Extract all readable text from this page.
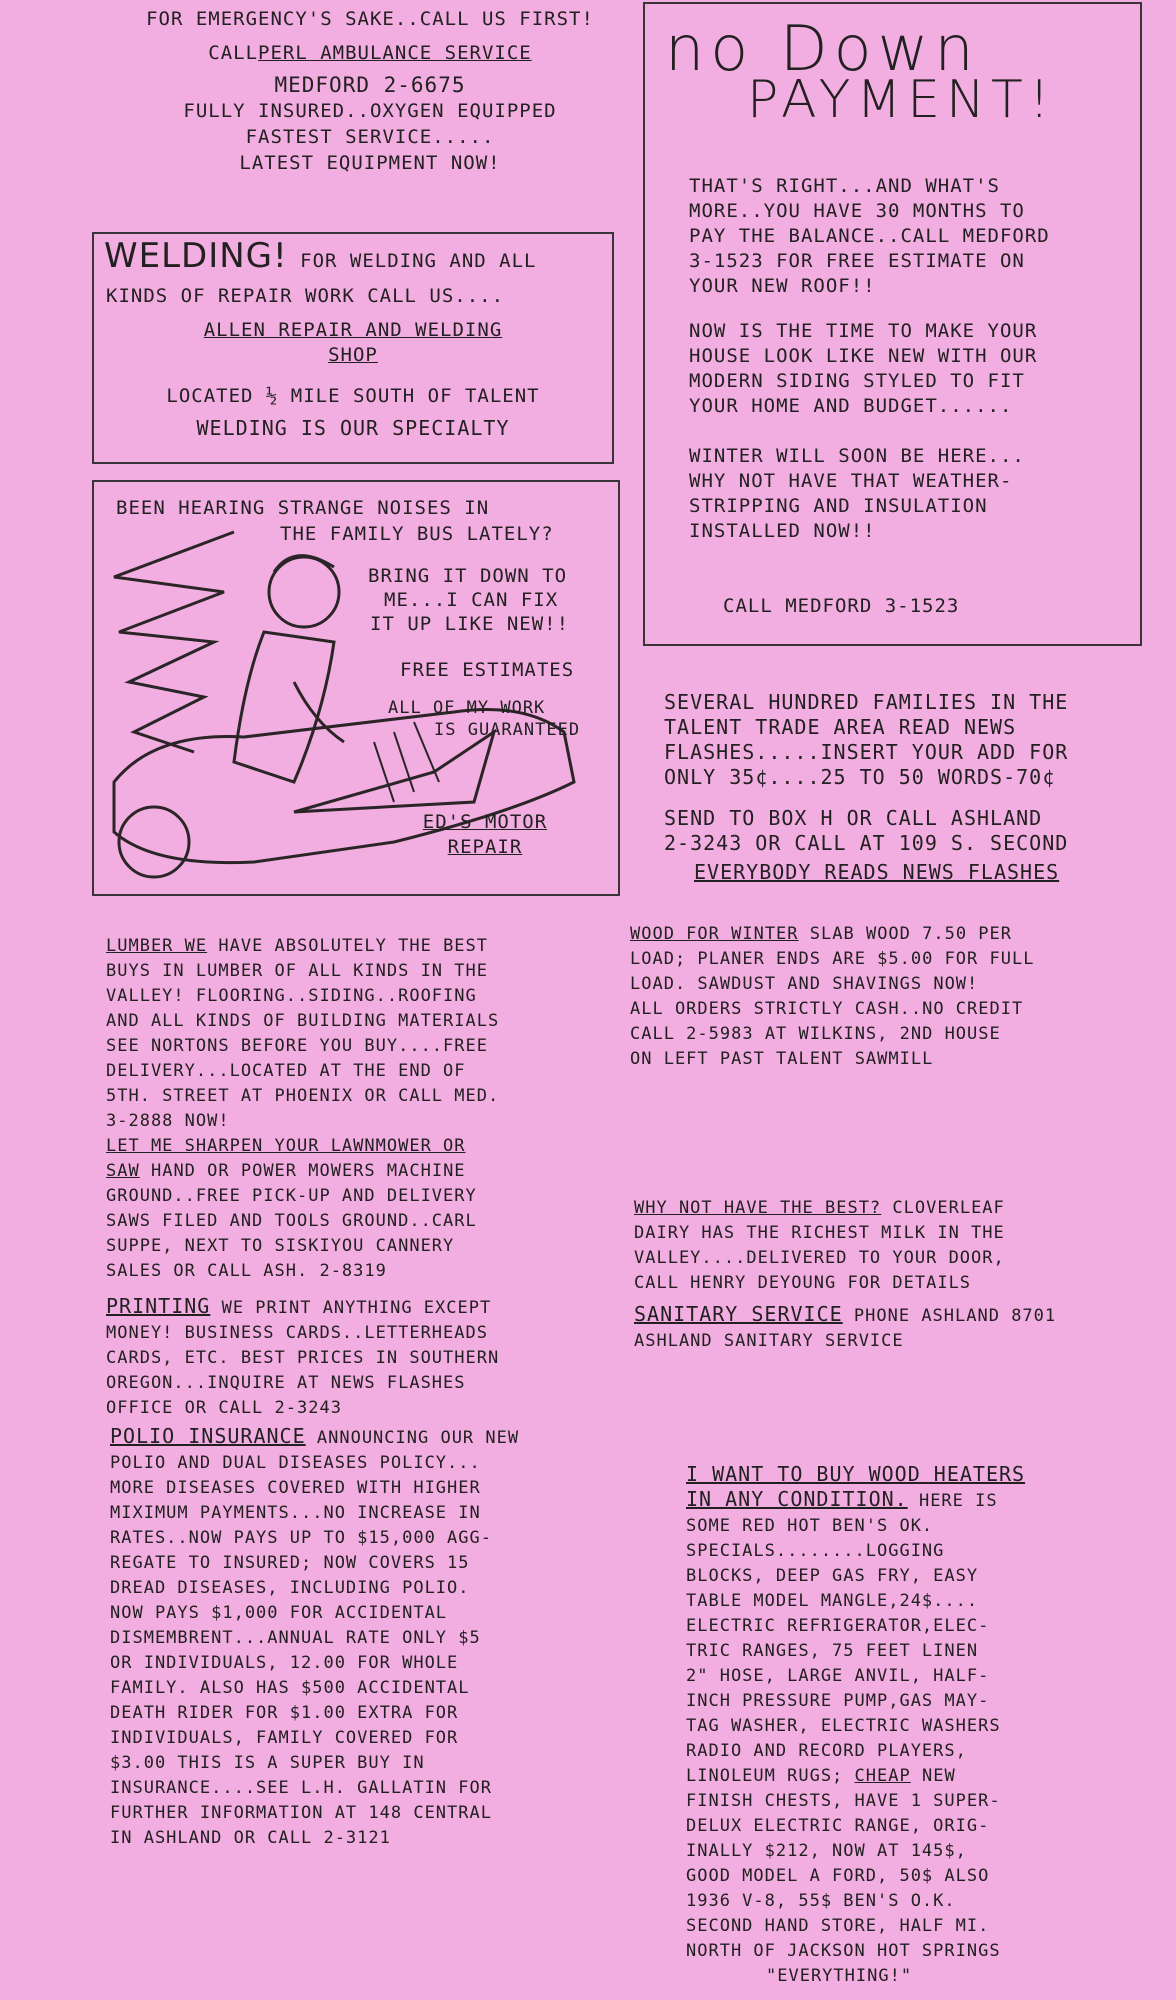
FOR EMERGENCY'S SAKE..CALL US FIRST!
CALLPERL AMBULANCE SERVICE
MEDFORD 2-6675
FULLY INSURED..OXYGEN EQUIPPED
FASTEST SERVICE.....
LATEST EQUIPMENT NOW!
no Down
PAYMENT!
THAT'S RIGHT...AND WHAT'S
MORE..YOU HAVE 30 MONTHS TO
PAY THE BALANCE..CALL MEDFORD
3-1523 FOR FREE ESTIMATE ON
YOUR NEW ROOF!!
NOW IS THE TIME TO MAKE YOUR
HOUSE LOOK LIKE NEW WITH OUR
MODERN SIDING STYLED TO FIT
YOUR HOME AND BUDGET......
WINTER WILL SOON BE HERE...
WHY NOT HAVE THAT WEATHER-
STRIPPING AND INSULATION
INSTALLED NOW!!
CALL MEDFORD 3-1523
WELDING! FOR WELDING AND ALL
KINDS OF REPAIR WORK CALL US....
ALLEN REPAIR AND WELDING
SHOP
LOCATED ½ MILE SOUTH OF TALENT
WELDING IS OUR SPECIALTY
BEEN HEARING STRANGE NOISES IN
THE FAMILY BUS LATELY?
BRING IT DOWN TO
ME...I CAN FIX
IT UP LIKE NEW!!
FREE ESTIMATES
ALL OF MY WORK
IS GUARANTEED
ED'S MOTOR
REPAIR
SEVERAL HUNDRED FAMILIES IN THE
TALENT TRADE AREA READ NEWS
FLASHES.....INSERT YOUR ADD FOR
ONLY 35¢....25 TO 50 WORDS-70¢
SEND TO BOX H OR CALL ASHLAND
2-3243 OR CALL AT 109 S. SECOND
EVERYBODY READS NEWS FLASHES
LUMBER WE HAVE ABSOLUTELY THE BEST
BUYS IN LUMBER OF ALL KINDS IN THE
VALLEY! FLOORING..SIDING..ROOFING
AND ALL KINDS OF BUILDING MATERIALS
SEE NORTONS BEFORE YOU BUY....FREE
DELIVERY...LOCATED AT THE END OF
5TH. STREET AT PHOENIX OR CALL MED.
3-2888 NOW!
WOOD FOR WINTER SLAB WOOD 7.50 PER
LOAD; PLANER ENDS ARE $5.00 FOR FULL
LOAD. SAWDUST AND SHAVINGS NOW!
ALL ORDERS STRICTLY CASH..NO CREDIT
CALL 2-5983 AT WILKINS, 2ND HOUSE
ON LEFT PAST TALENT SAWMILL
LET ME SHARPEN YOUR LAWNMOWER OR
SAW HAND OR POWER MOWERS MACHINE
GROUND..FREE PICK-UP AND DELIVERY
SAWS FILED AND TOOLS GROUND..CARL
SUPPE, NEXT TO SISKIYOU CANNERY
SALES OR CALL ASH. 2-8319
WHY NOT HAVE THE BEST? CLOVERLEAF
DAIRY HAS THE RICHEST MILK IN THE
VALLEY....DELIVERED TO YOUR DOOR,
CALL HENRY DEYOUNG FOR DETAILS
SANITARY SERVICE PHONE ASHLAND 8701
ASHLAND SANITARY SERVICE
PRINTING WE PRINT ANYTHING EXCEPT
MONEY! BUSINESS CARDS..LETTERHEADS
CARDS, ETC. BEST PRICES IN SOUTHERN
OREGON...INQUIRE AT NEWS FLASHES
OFFICE OR CALL 2-3243
POLIO INSURANCE ANNOUNCING OUR NEW
POLIO AND DUAL DISEASES POLICY...
MORE DISEASES COVERED WITH HIGHER
MIXIMUM PAYMENTS...NO INCREASE IN
RATES..NOW PAYS UP TO $15,000 AGG-
REGATE TO INSURED; NOW COVERS 15
DREAD DISEASES, INCLUDING POLIO.
NOW PAYS $1,000 FOR ACCIDENTAL
DISMEMBRENT...ANNUAL RATE ONLY $5
OR INDIVIDUALS, 12.00 FOR WHOLE
FAMILY. ALSO HAS $500 ACCIDENTAL
DEATH RIDER FOR $1.00 EXTRA FOR
INDIVIDUALS, FAMILY COVERED FOR
$3.00 THIS IS A SUPER BUY IN
INSURANCE....SEE L.H. GALLATIN FOR
FURTHER INFORMATION AT 148 CENTRAL
IN ASHLAND OR CALL 2-3121
I WANT TO BUY WOOD HEATERS
IN ANY CONDITION. HERE IS
SOME RED HOT BEN'S OK.
SPECIALS........LOGGING
BLOCKS, DEEP GAS FRY, EASY
TABLE MODEL MANGLE,24$....
ELECTRIC REFRIGERATOR,ELEC-
TRIC RANGES, 75 FEET LINEN
2" HOSE, LARGE ANVIL, HALF-
INCH PRESSURE PUMP,GAS MAY-
TAG WASHER, ELECTRIC WASHERS
RADIO AND RECORD PLAYERS,
LINOLEUM RUGS; CHEAP NEW
FINISH CHESTS, HAVE 1 SUPER-
DELUX ELECTRIC RANGE, ORIG-
INALLY $212, NOW AT 145$,
GOOD MODEL A FORD, 50$ ALSO
1936 V-8, 55$ BEN'S O.K.
SECOND HAND STORE, HALF MI.
NORTH OF JACKSON HOT SPRINGS
"EVERYTHING!"
